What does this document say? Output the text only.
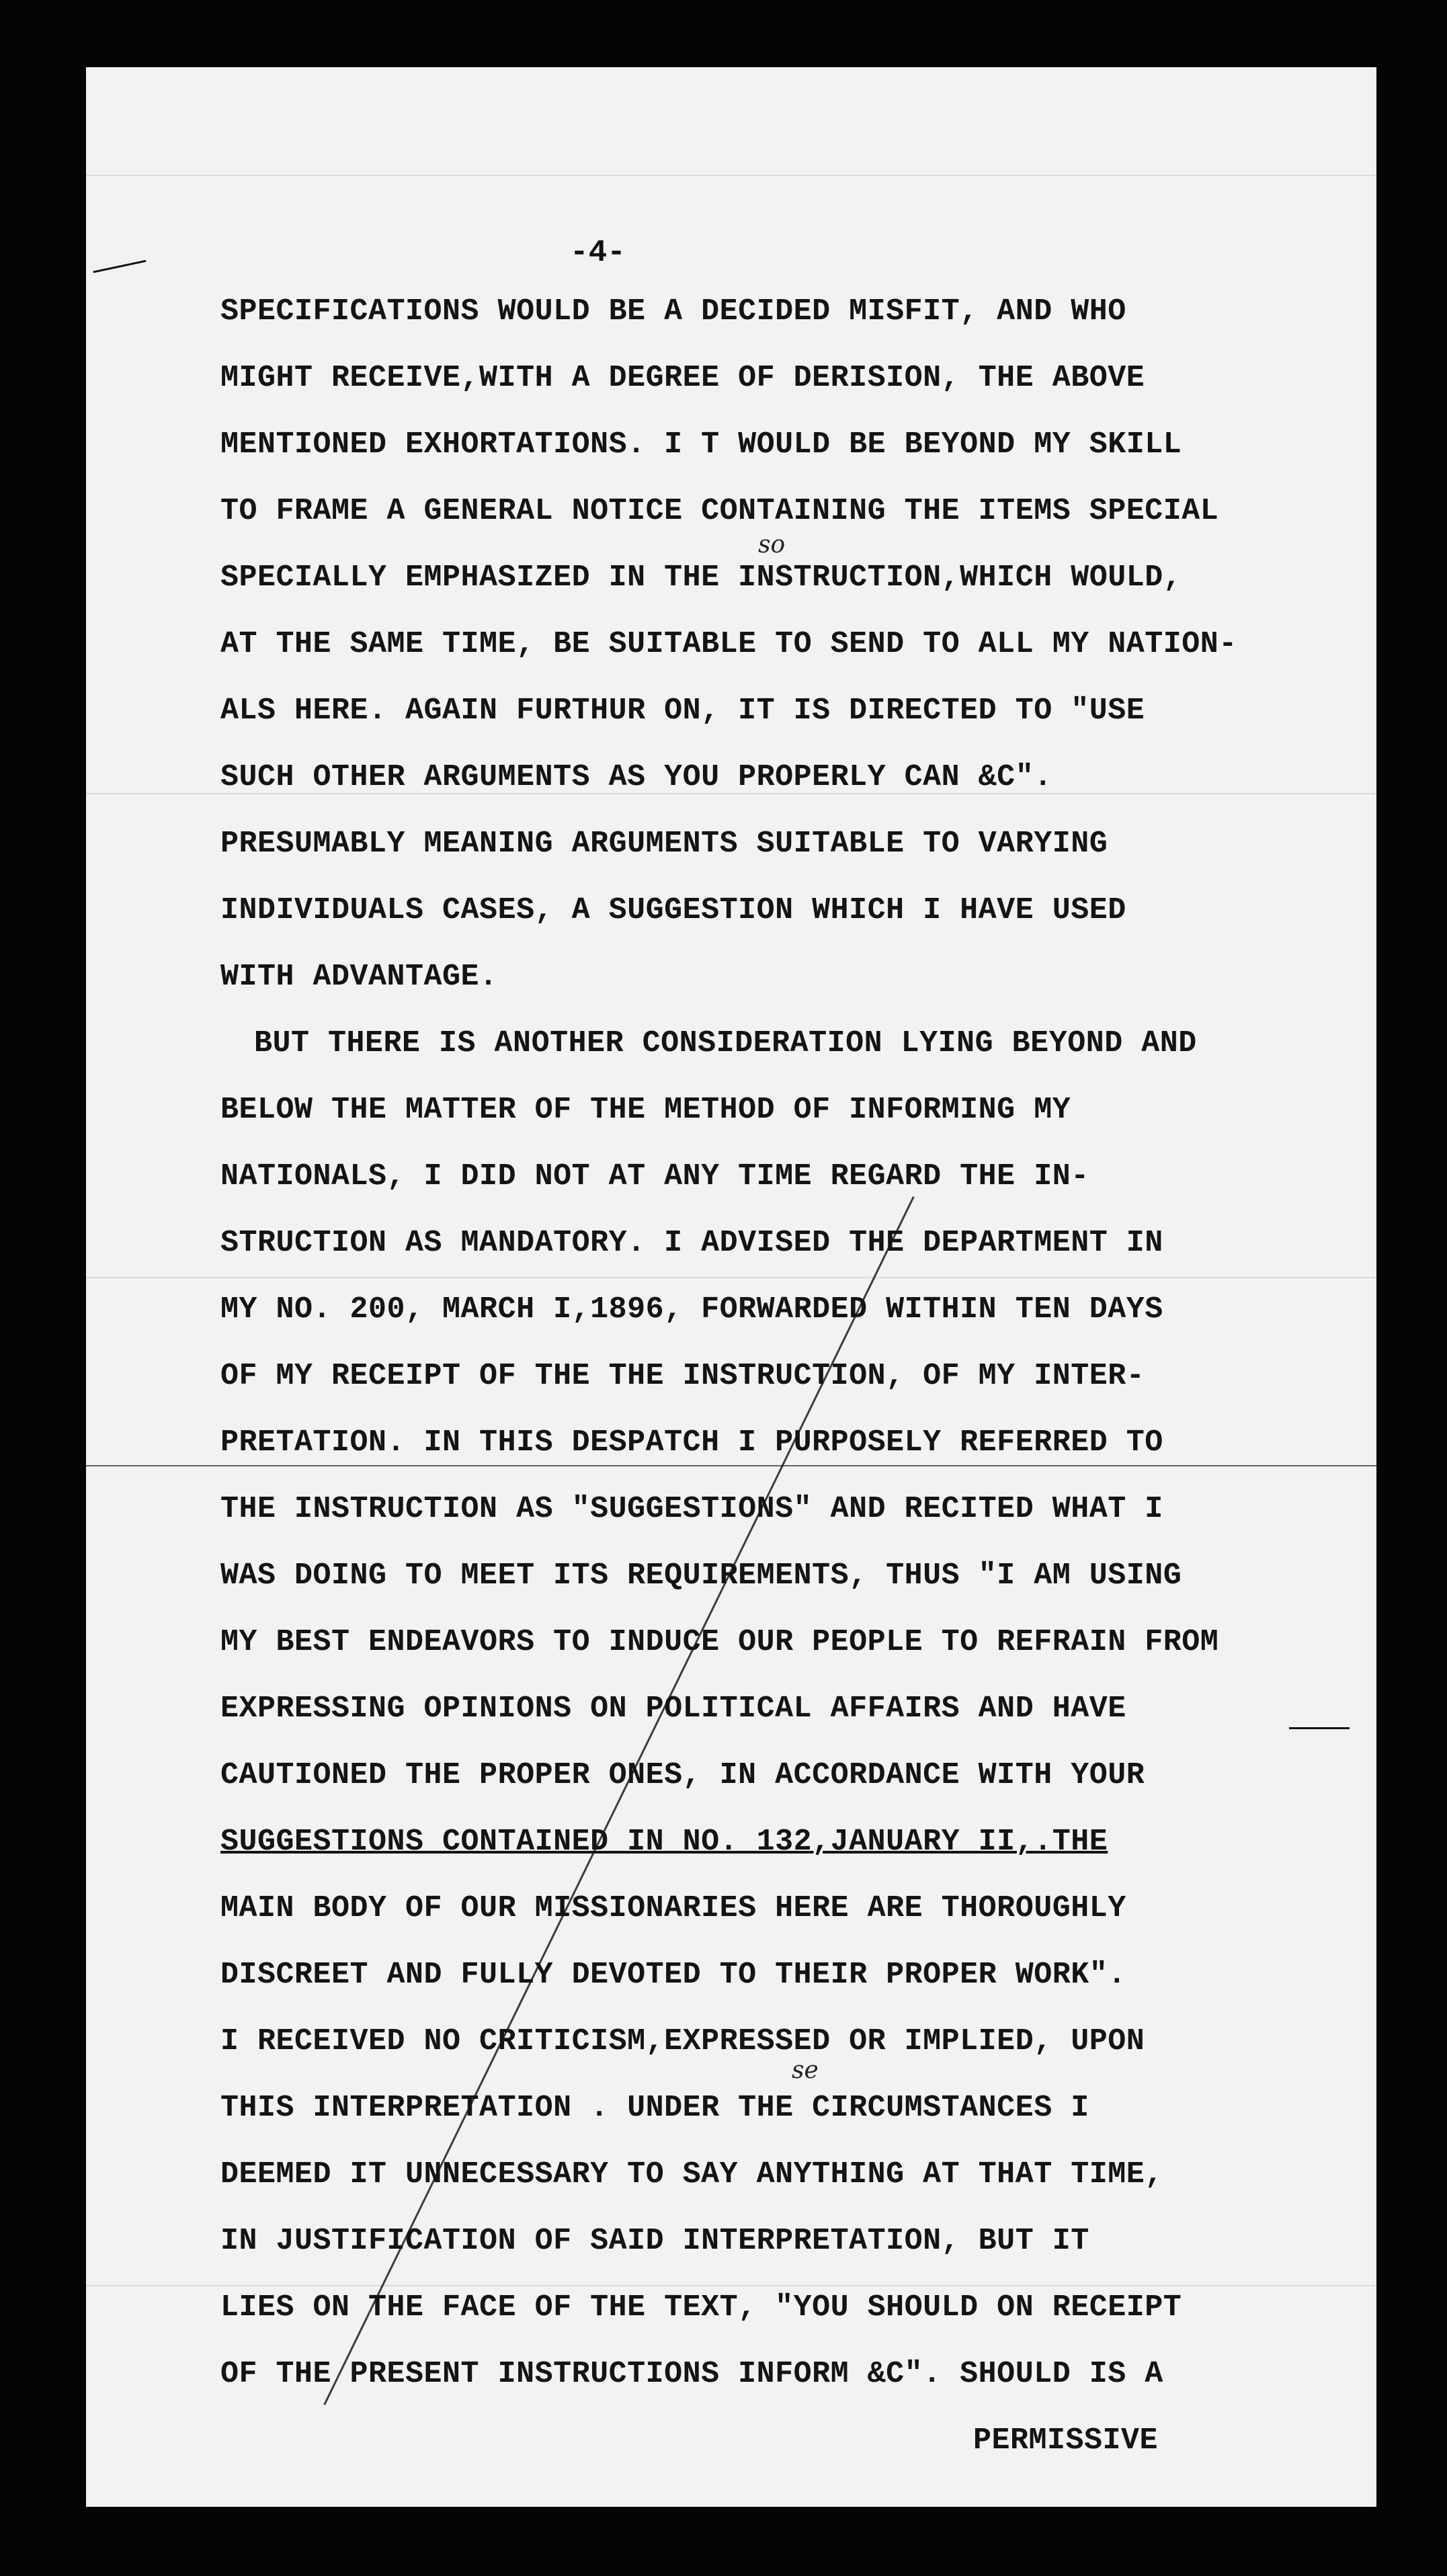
-4-
SPECIFICATIONS WOULD BE A DECIDED MISFIT, AND WHO
MIGHT RECEIVE,WITH A DEGREE OF DERISION, THE ABOVE
MENTIONED EXHORTATIONS. I T WOULD BE BEYOND MY SKILL
TO FRAME A GENERAL NOTICE CONTAINING THE ITEMS SPECIAL
SPECIALLY EMPHASIZED IN THE INSTRUCTION,WHICH WOULD,
AT THE SAME TIME, BE SUITABLE TO SEND TO ALL MY NATION-
ALS HERE. AGAIN FURTHUR ON, IT IS DIRECTED TO "USE
SUCH OTHER ARGUMENTS AS YOU PROPERLY CAN &C".
PRESUMABLY MEANING ARGUMENTS SUITABLE TO VARYING
INDIVIDUALS CASES, A SUGGESTION WHICH I HAVE USED
WITH ADVANTAGE.
BUT THERE IS ANOTHER CONSIDERATION LYING BEYOND AND
BELOW THE MATTER OF THE METHOD OF INFORMING MY
NATIONALS, I DID NOT AT ANY TIME REGARD THE IN-
STRUCTION AS MANDATORY. I ADVISED THE DEPARTMENT IN
MY NO. 200, MARCH I,1896, FORWARDED WITHIN TEN DAYS
OF MY RECEIPT OF THE THE INSTRUCTION, OF MY INTER-
PRETATION. IN THIS DESPATCH I PURPOSELY REFERRED TO
THE INSTRUCTION AS "SUGGESTIONS" AND RECITED WHAT I
WAS DOING TO MEET ITS REQUIREMENTS, THUS "I AM USING
MY BEST ENDEAVORS TO INDUCE OUR PEOPLE TO REFRAIN FROM
EXPRESSING OPINIONS ON POLITICAL AFFAIRS AND HAVE
CAUTIONED THE PROPER ONES, IN ACCORDANCE WITH YOUR
SUGGESTIONS CONTAINED IN NO. 132,JANUARY II,.THE
MAIN BODY OF OUR MISSIONARIES HERE ARE THOROUGHLY
DISCREET AND FULLY DEVOTED TO THEIR PROPER WORK".
I RECEIVED NO CRITICISM,EXPRESSED OR IMPLIED, UPON
THIS INTERPRETATION . UNDER THE CIRCUMSTANCES I
DEEMED IT UNNECESSARY TO SAY ANYTHING AT THAT TIME,
IN JUSTIFICATION OF SAID INTERPRETATION, BUT IT
LIES ON THE FACE OF THE TEXT, "YOU SHOULD ON RECEIPT
OF THE PRESENT INSTRUCTIONS INFORM &C". SHOULD IS A
PERMISSIVE
so
se
